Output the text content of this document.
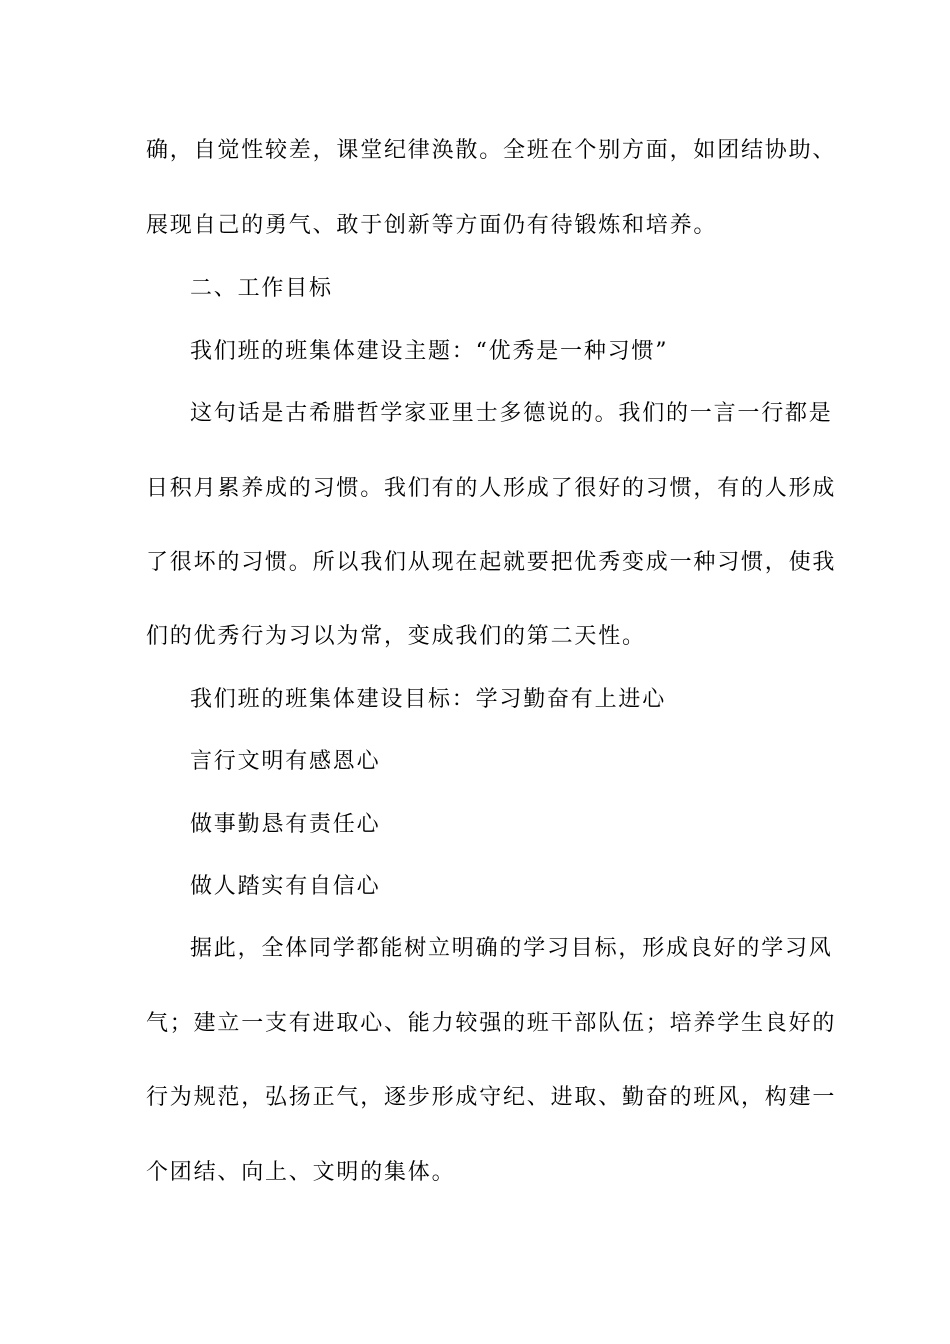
确，自觉性较差，课堂纪律涣散。全班在个别方面，如团结协助、
展现自己的勇气、敢于创新等方面仍有待锻炼和培养。
二、工作目标
我们班的班集体建设主题：“优秀是一种习惯”
这句话是古希腊哲学家亚里士多德说的。我们的一言一行都是
日积月累养成的习惯。我们有的人形成了很好的习惯，有的人形成
了很坏的习惯。所以我们从现在起就要把优秀变成一种习惯，使我
们的优秀行为习以为常，变成我们的第二天性。
我们班的班集体建设目标：学习勤奋有上进心
言行文明有感恩心
做事勤恳有责任心
做人踏实有自信心
据此，全体同学都能树立明确的学习目标，形成良好的学习风
气；建立一支有进取心、能力较强的班干部队伍；培养学生良好的
行为规范，弘扬正气，逐步形成守纪、进取、勤奋的班风，构建一
个团结、向上、文明的集体。
